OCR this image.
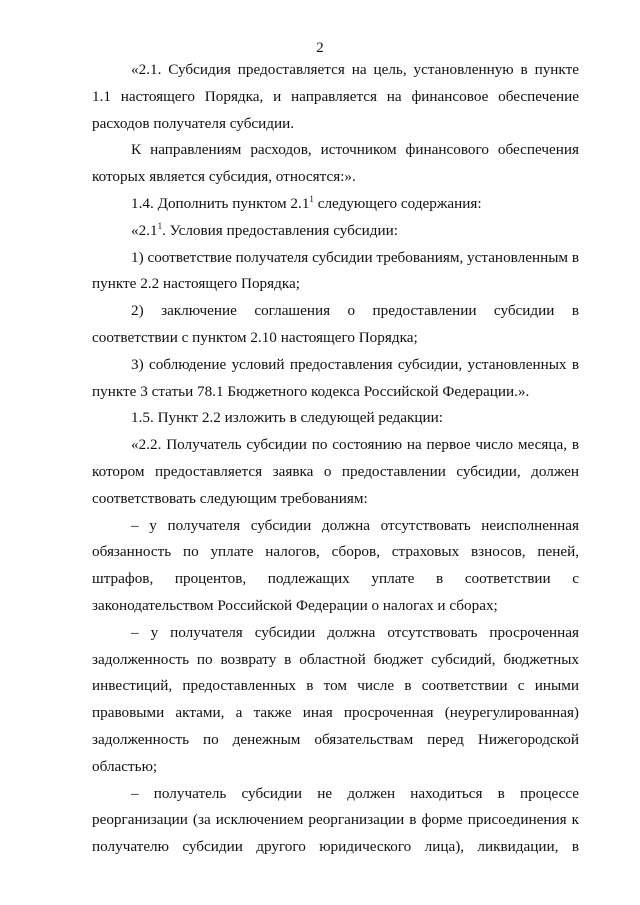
2

«2.1. Субсидия предоставляется на цель, установленную в пункте 1.1 настоящего Порядка, и направляется на финансовое обеспечение расходов получателя субсидии.

К направлениям расходов, источником финансового обеспечения которых является субсидия, относятся:».

1.4. Дополнить пунктом $2.1^1$ следующего содержания:

«$2.1^1$. Условия предоставления субсидии:

1) соответствие получателя субсидии требованиям, установленным в пункте 2.2 настоящего Порядка;

2) заключение соглашения о предоставлении субсидии в соответствии с пунктом 2.10 настоящего Порядка;

3) соблюдение условий предоставления субсидии, установленных в пункте 3 статьи 78.1 Бюджетного кодекса Российской Федерации.».

1.5. Пункт 2.2 изложить в следующей редакции:

«2.2. Получатель субсидии по состоянию на первое число месяца, в котором предоставляется заявка о предоставлении субсидии, должен соответствовать следующим требованиям:

– у получателя субсидии должна отсутствовать неисполненная обязанность по уплате налогов, сборов, страховых взносов, пеней, штрафов, процентов, подлежащих уплате в соответствии с законодательством Российской Федерации о налогах и сборах;

– у получателя субсидии должна отсутствовать просроченная задолженность по возврату в областной бюджет субсидий, бюджетных инвестиций, предоставленных в том числе в соответствии с иными правовыми актами, а также иная просроченная (неурегулированная) задолженность по денежным обязательствам перед Нижегородской областью;

– получатель субсидии не должен находиться в процессе реорганизации (за исключением реорганизации в форме присоединения к получателю субсидии другого юридического лица), ликвидации, в
